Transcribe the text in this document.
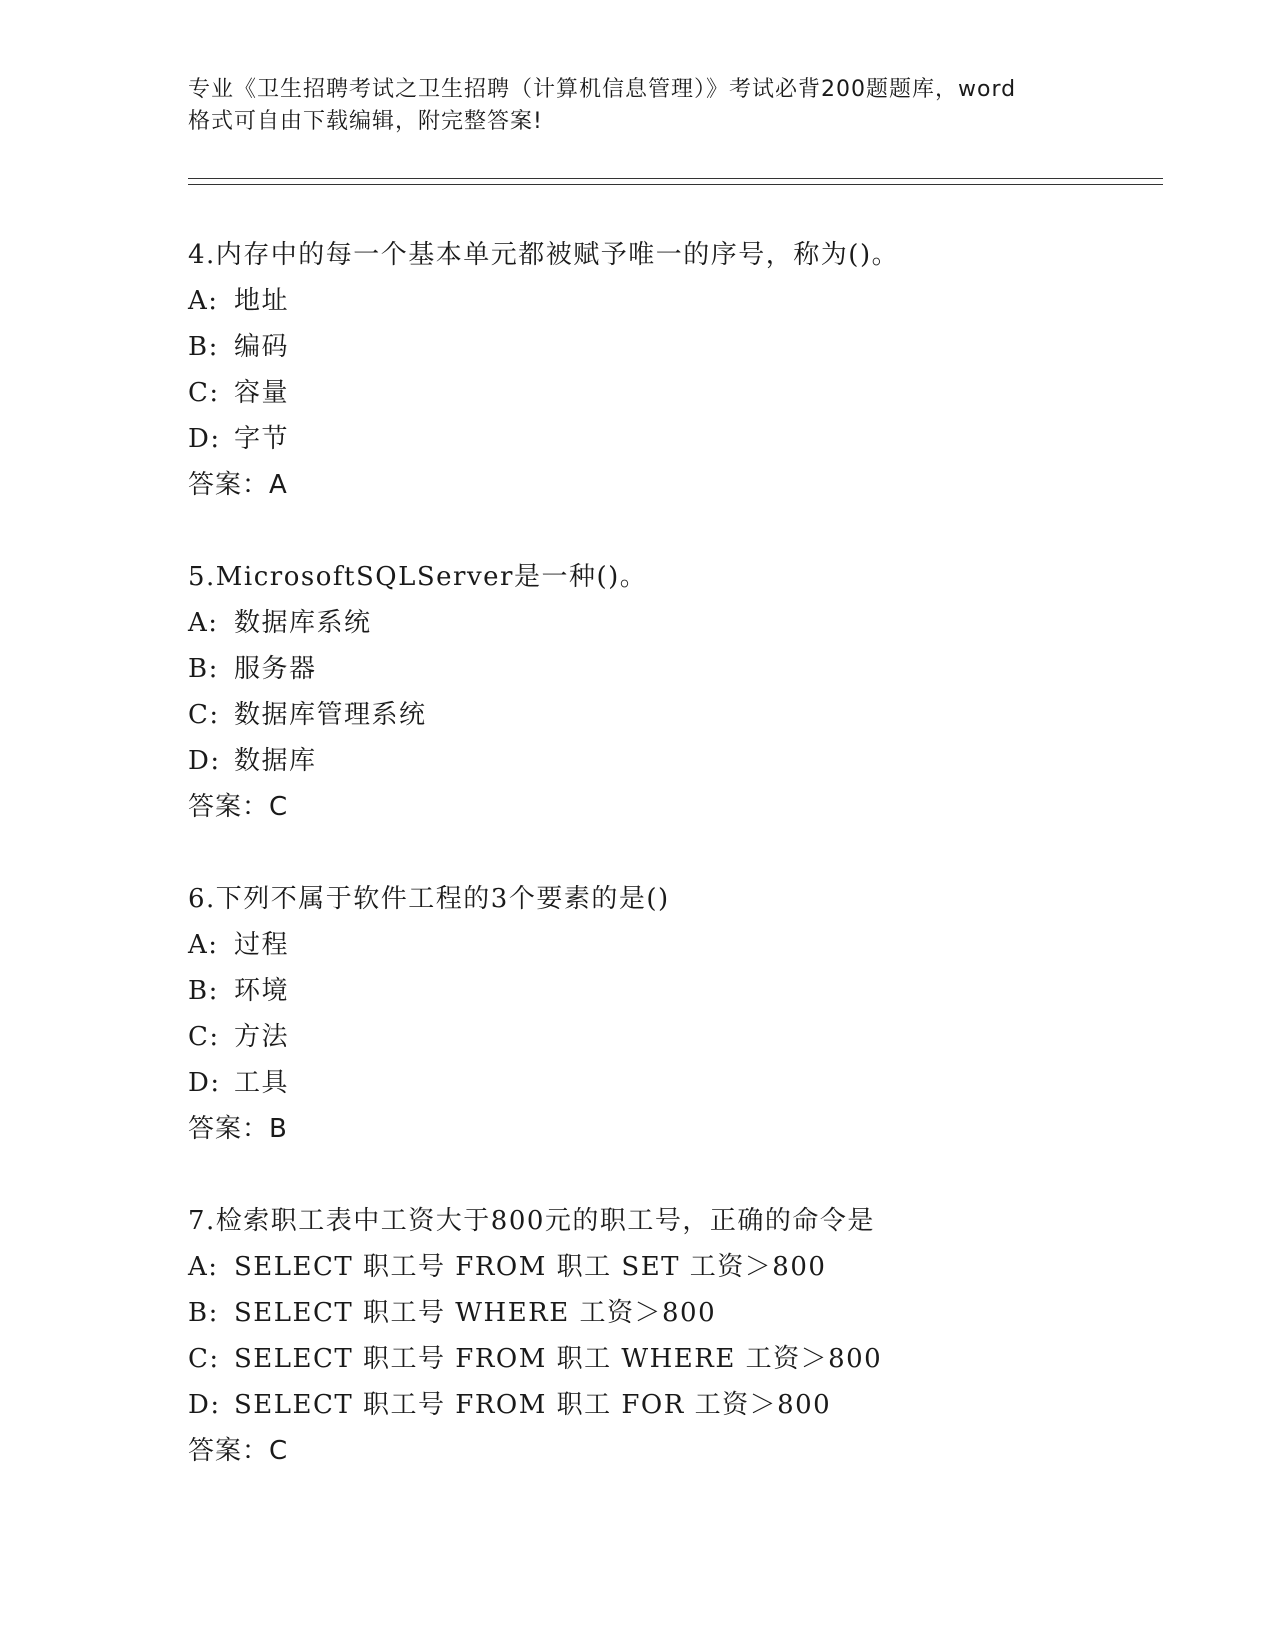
专业《卫生招聘考试之卫生招聘（计算机信息管理）》考试必背200题题库，word
格式可自由下载编辑，附完整答案!
4.内存中的每一个基本单元都被赋予唯一的序号，称为()。
A: 地址
B: 编码
C: 容量
D: 字节
答案：A
5.MicrosoftSQLServer是一种()。
A: 数据库系统
B: 服务器
C: 数据库管理系统
D: 数据库
答案：C
6.下列不属于软件工程的3个要素的是()
A: 过程
B: 环境
C: 方法
D: 工具
答案：B
7.检索职工表中工资大于800元的职工号，正确的命令是
A: SELECT 职工号 FROM 职工 SET 工资＞800
B: SELECT 职工号 WHERE 工资＞800
C: SELECT 职工号 FROM 职工 WHERE 工资＞800
D: SELECT 职工号 FROM 职工 FOR 工资＞800
答案：C
